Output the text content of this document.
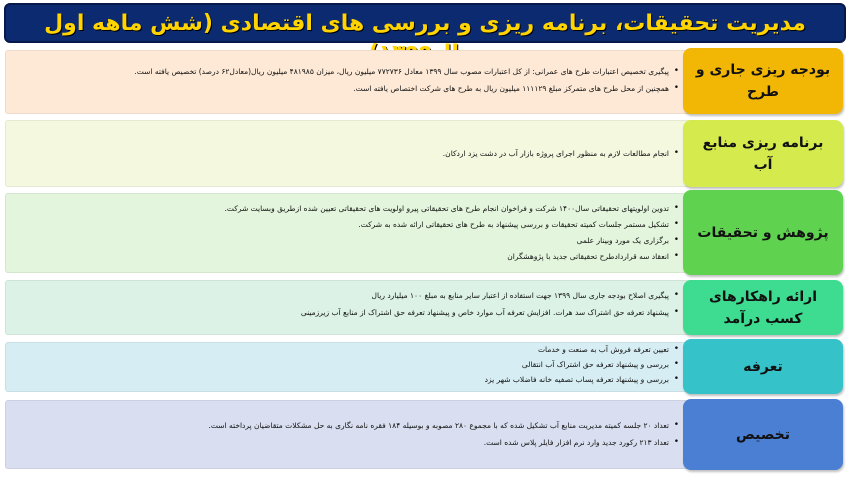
مدیریت تحقیقات، برنامه ریزی و بررسی های اقتصادی (شش ماهه اول
• پیگیری تخصیص اعتبارات طرح های عمرانی: از کل اعتبارات مصوب سال ۱۳۹۹ معادل ۷۷۲۷۳۶ میلیون ریال، میزان ۴۸۱۹۸۵ میلیون ریال(معادل۶۲ درصد) تخصیص یافته است.
• همچنین از محل طرح های متمرکز مبلغ ۱۱۱۱۲۹ میلیون ریال به طرح های شرکت اختصاص یافته است.
بودجه ریزی جاری و طرح
• انجام مطالعات لازم به منظور اجرای پروژه بازار آب در دشت یزد اردکان.
برنامه ریزی منابع آب
• تدوین اولویتهای تحقیقاتی سال۱۴۰۰ شرکت و فراخوان انجام طرح های تحقیقاتی پیرو اولویت های تحقیقاتی تعیین شده ازطریق وبسایت شرکت.
• تشکیل مستمر جلسات کمیته تحقیقات و بررسی پیشنهاد به طرح های تحقیقاتی ارائه شده به شرکت.
• برگزاری یک مورد وبینار علمی
• انعقاد سه قراردادطرح تحقیقاتی جدید با پژوهشگران
پژوهش و تحقیقات
• پیگیری اصلاح بودجه جاری سال ۱۳۹۹ جهت استفاده از اعتبار سایر منابع به مبلغ ۱۰۰ میلیارد ریال
• پیشنهاد تعرفه حق اشتراک سد هرات. افزایش تعرفه آب موارد خاص و پیشنهاد تعرفه حق اشتراک از منابع آب زیرزمینی
ارائه راهکارهای کسب درآمد
• تعیین تعرفه فروش آب به صنعت و خدمات
• بررسی و پیشنهاد تعرفه حق اشتراک آب انتقالی
• بررسی و پیشنهاد تعرفه پساب تصفیه خانه فاضلاب شهر یزد
تعرفه
• تعداد ۲۰ جلسه کمیته مدیریت منابع آب تشکیل شده که با مجموع ۲۸۰ مصوبه و بوسیله ۱۸۴ فقره نامه نگاری به حل مشکلات متقاضیان پرداخته است.
• تعداد ۲۱۳ رکورد جدید وارد نرم افزار فایلر پلاس شده است.	تخصیص
